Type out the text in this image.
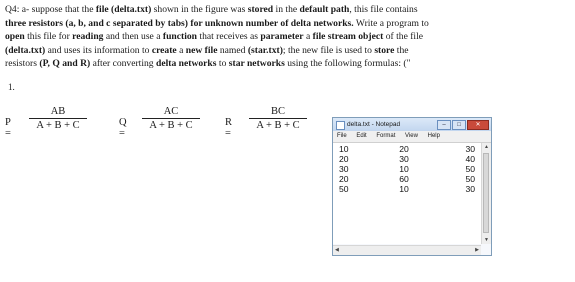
Q4: a- suppose that the file (delta.txt) shown in the figure was stored in the default path, this file contains
three resistors (a, b, and c separated by tabs) for unknown number of delta networks. Write a program to
open this file for reading and then use a function that receives as parameter a file stream object of the file
(delta.txt) and uses its information to create a new file named (star.txt); the new file is used to store the
resistors (P, Q and R) after converting delta networks to star networks using the following formulas: ("
1.
P =
AB
A + B + C	Q =
AC
A + B + C	R =
BC
A + B + C	delta.txt - Notepad	–	□	✕
File Edit Format View Help
10	20	30
20	30	40
30	10	50
20	60	50
50	10	30
▲
▼
◀	▶
